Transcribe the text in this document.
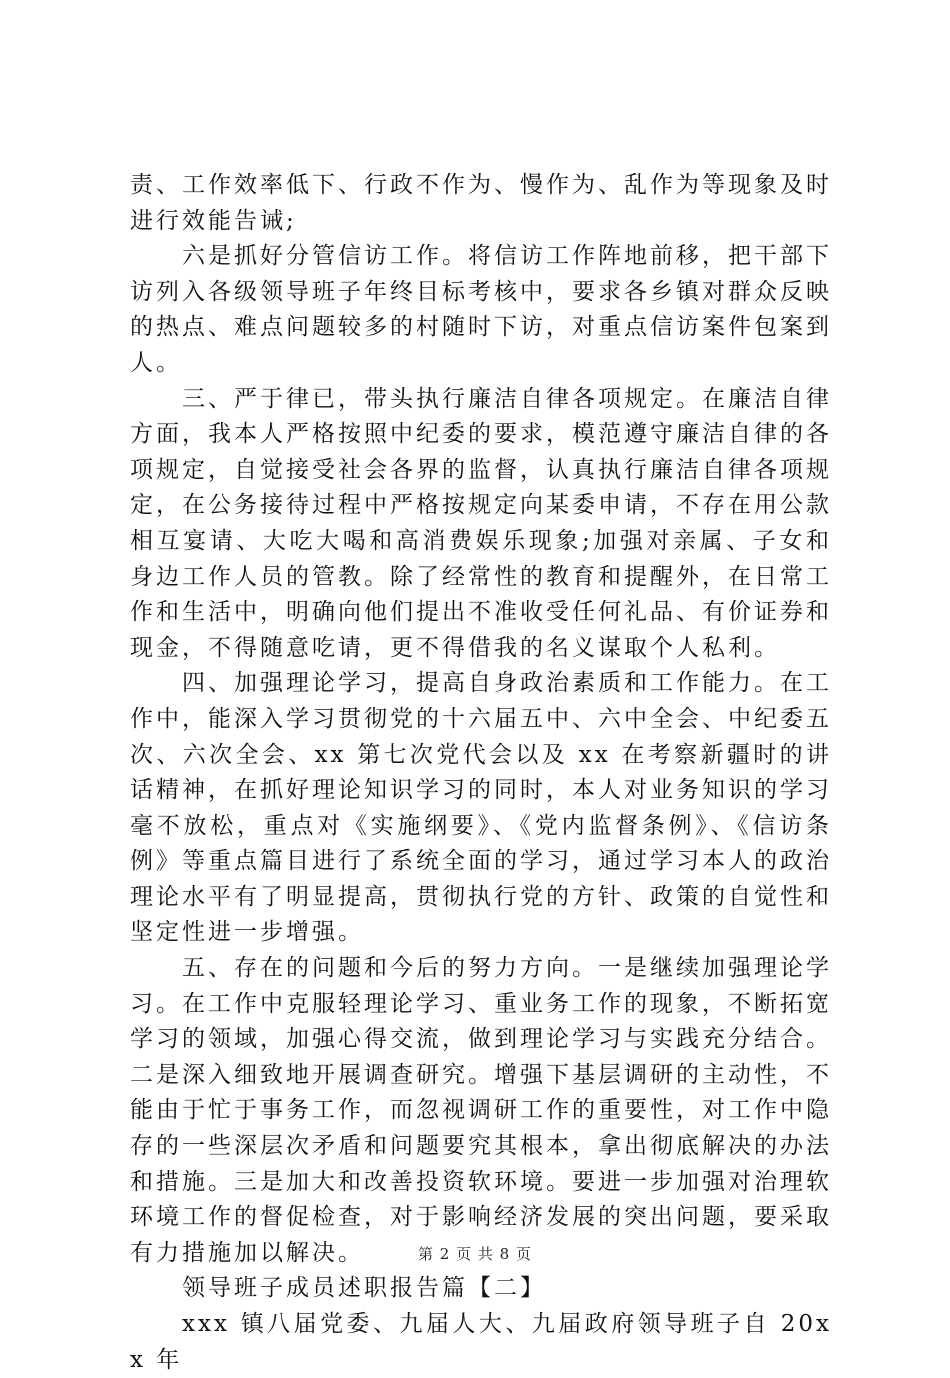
责、工作效率低下、行政不作为、慢作为、乱作为等现象及时进行效能告诫;

六是抓好分管信访工作。将信访工作阵地前移，把干部下访列入各级领导班子年终目标考核中，要求各乡镇对群众反映的热点、难点问题较多的村随时下访，对重点信访案件包案到人。

三、严于律已，带头执行廉洁自律各项规定。在廉洁自律方面，我本人严格按照中纪委的要求，模范遵守廉洁自律的各项规定，自觉接受社会各界的监督，认真执行廉洁自律各项规定，在公务接待过程中严格按规定向某委申请，不存在用公款相互宴请、大吃大喝和高消费娱乐现象;加强对亲属、子女和身边工作人员的管教。除了经常性的教育和提醒外，在日常工作和生活中，明确向他们提出不准收受任何礼品、有价证券和现金，不得随意吃请，更不得借我的名义谋取个人私利。

四、加强理论学习，提高自身政治素质和工作能力。在工作中，能深入学习贯彻党的十六届五中、六中全会、中纪委五次、六次全会、xx 第七次党代会以及 xx 在考察新疆时的讲话精神，在抓好理论知识学习的同时，本人对业务知识的学习毫不放松，重点对《实施纲要》、《党内监督条例》、《信访条例》等重点篇目进行了系统全面的学习，通过学习本人的政治理论水平有了明显提高，贯彻执行党的方针、政策的自觉性和坚定性进一步增强。

五、存在的问题和今后的努力方向。一是继续加强理论学习。在工作中克服轻理论学习、重业务工作的现象，不断拓宽学习的领域，加强心得交流，做到理论学习与实践充分结合。二是深入细致地开展调查研究。增强下基层调研的主动性，不能由于忙于事务工作，而忽视调研工作的重要性，对工作中隐存的一些深层次矛盾和问题要究其根本，拿出彻底解决的办法和措施。三是加大和改善投资软环境。要进一步加强对治理软环境工作的督促检查，对于影响经济发展的突出问题，要采取有力措施加以解决。

领导班子成员述职报告篇【二】

xxx 镇八届党委、九届人大、九届政府领导班子自 20xx 年

第 2 页 共 8 页
